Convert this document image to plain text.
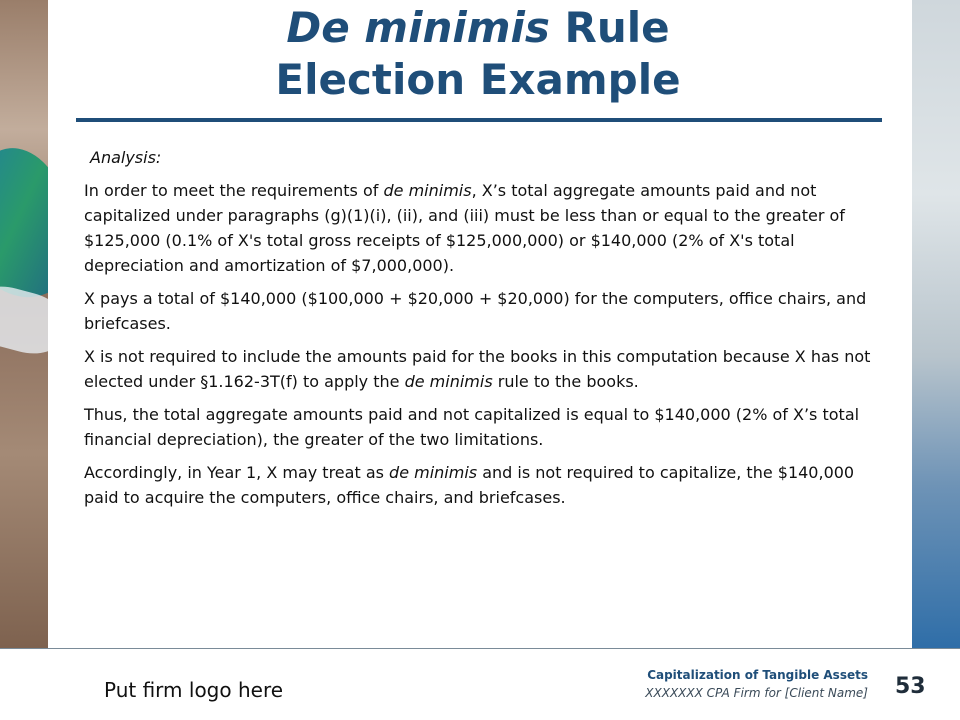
De minimis Rule
Election Example
Analysis:
In order to meet the requirements of de minimis, X’s total aggregate amounts paid and not capitalized under paragraphs (g)(1)(i), (ii), and (iii) must be less than or equal to the greater of $125,000 (0.1% of X's total gross receipts of $125,000,000) or $140,000 (2% of X's total depreciation and amortization of $7,000,000).
X pays a total of $140,000 ($100,000 + $20,000 + $20,000) for the computers, office chairs, and briefcases.
X is not required to include the amounts paid for the books in this computation because X has not elected under §1.162-3T(f) to apply the de minimis rule to the books.
Thus, the total aggregate amounts paid and not capitalized is equal to $140,000 (2% of X’s total financial depreciation), the greater of the two limitations.
Accordingly, in Year 1, X may treat as de minimis and is not required to capitalize, the $140,000 paid to acquire the computers, office chairs, and briefcases.
Put firm logo here
Capitalization of Tangible Assets
XXXXXXX CPA Firm for [Client Name] 53
